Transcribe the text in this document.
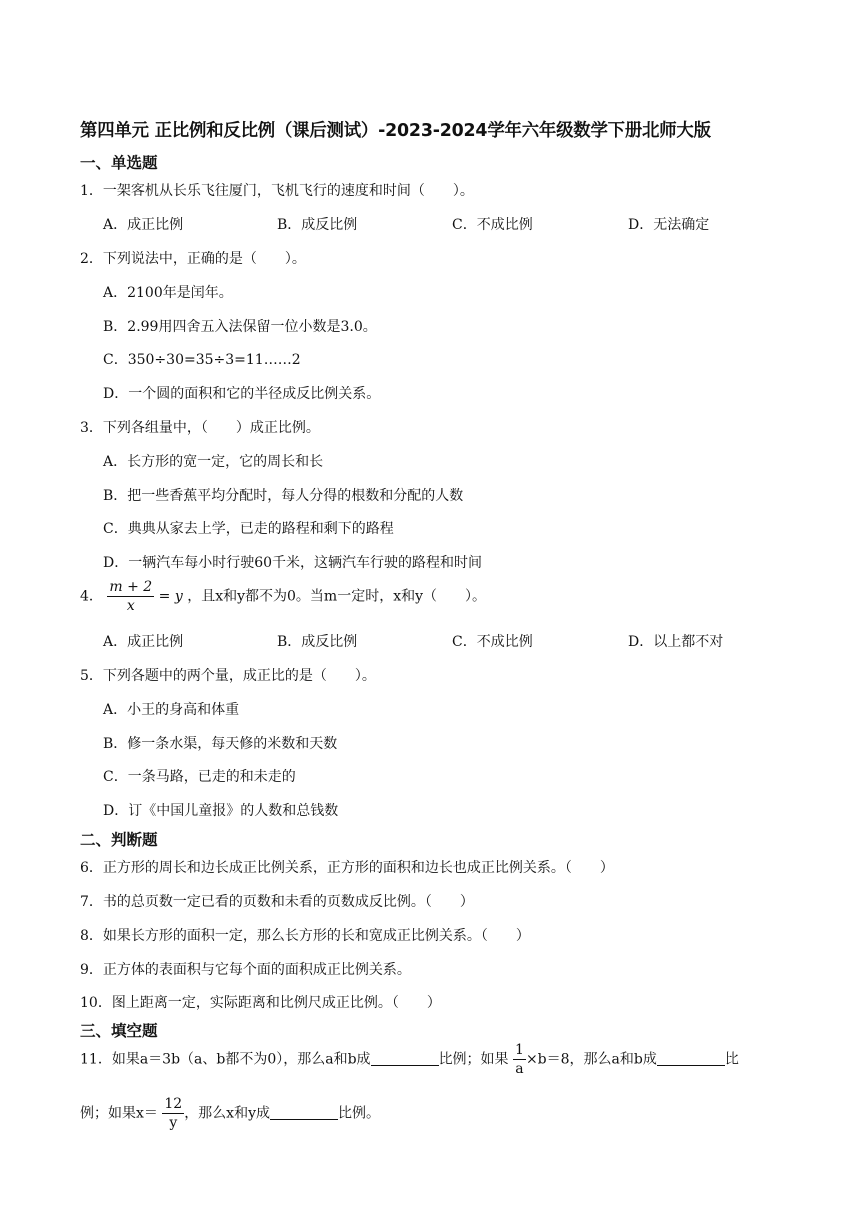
第四单元 正比例和反比例（课后测试）-2023-2024学年六年级数学下册北师大版
一、单选题
1．一架客机从长乐飞往厦门，飞机飞行的速度和时间（　　）。
A．成正比例	B．成反比例	C．不成比例	D．无法确定
2．下列说法中，正确的是（　　）。
A．2100年是闰年。
B．2.99用四舍五入法保留一位小数是3.0。
C．350÷30=35÷3=11……2
D．一个圆的面积和它的半径成反比例关系。
3．下列各组量中，（　　）成正比例。
A．长方形的宽一定，它的周长和长
B．把一些香蕉平均分配时，每人分得的根数和分配的人数
C．典典从家去上学，已走的路程和剩下的路程
D．一辆汽车每小时行驶60千米，这辆汽车行驶的路程和时间
4． $\frac{m + 2}{x} = y$ ，且x和y都不为0。当m一定时，x和y（　　）。
A．成正比例	B．成反比例	C．不成比例	D．以上都不对
5．下列各题中的两个量，成正比的是（　　）。
A．小王的身高和体重
B．修一条水渠，每天修的米数和天数
C．一条马路，已走的和未走的
D．订《中国儿童报》的人数和总钱数
二、判断题
6．正方形的周长和边长成正比例关系，正方形的面积和边长也成正比例关系。（　　）
7．书的总页数一定已看的页数和未看的页数成反比例。（　　）
8．如果长方形的面积一定，那么长方形的长和宽成正比例关系。（　　）
9．正方体的表面积与它每个面的面积成正比例关系。
10．图上距离一定，实际距离和比例尺成正比例。（　　）
三、填空题
11．如果a＝3b（a、b都不为0），那么a和b成	比例；如果 $\frac{1}{a} \times b=8$，那么a和b成	比
例；如果$x= \frac{12}{y}$ ，那么x和y成	比例。
